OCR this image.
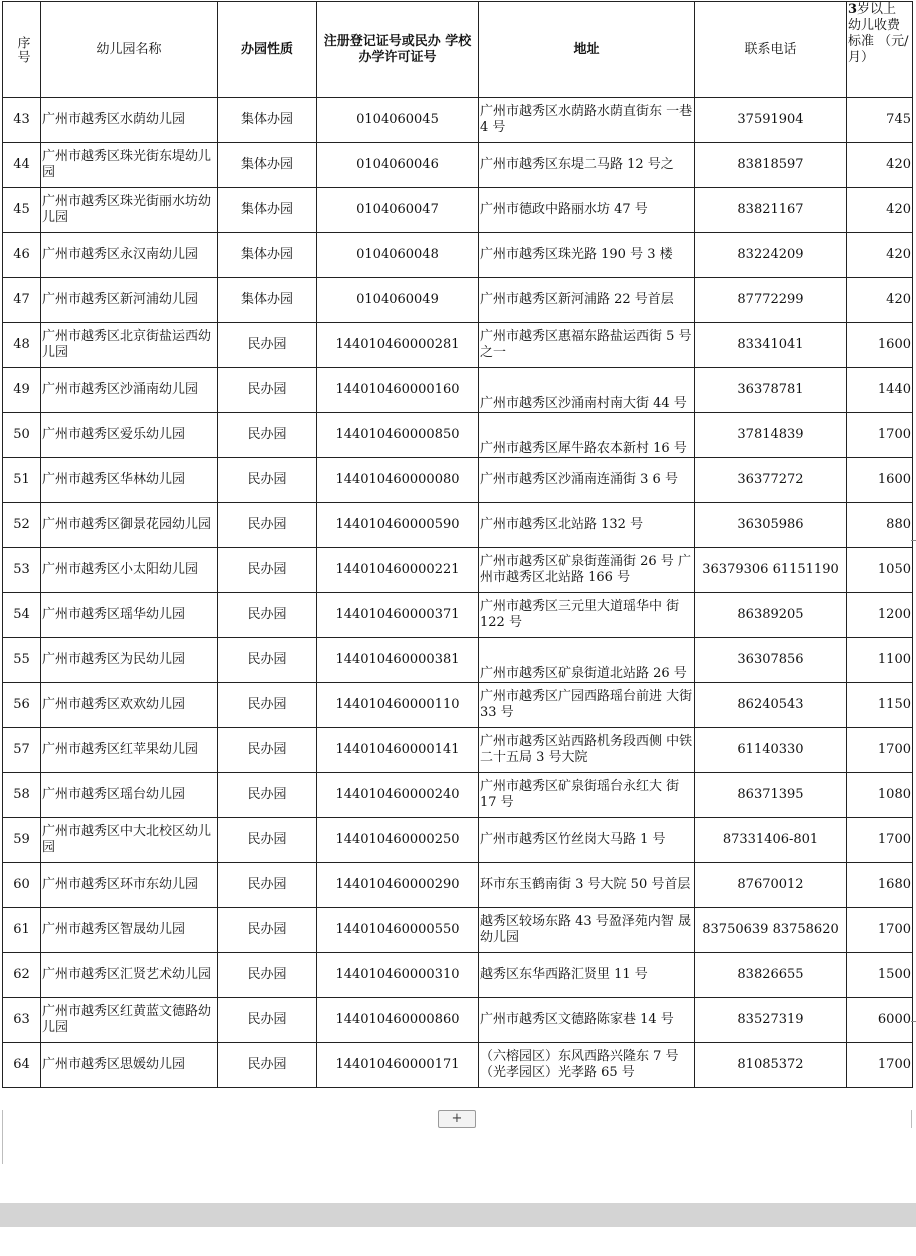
序号	幼儿园名称	办园性质	注册登记证号或民办 学校办学许可证号	地址	联系电话	3岁以上 幼儿收费 标准 （元/月）
43	广州市越秀区水荫幼儿园	集体办园	0104060045	广州市越秀区水荫路水荫直街东 一巷 4 号	37591904	745
44	广州市越秀区珠光街东堤幼儿园	集体办园	0104060046	广州市越秀区东堤二马路 12 号之	83818597	420
45	广州市越秀区珠光街丽水坊幼儿园	集体办园	0104060047	广州市德政中路丽水坊 47 号	83821167	420
46	广州市越秀区永汉南幼儿园	集体办园	0104060048	广州市越秀区珠光路 190 号 3 楼	83224209	420
47	广州市越秀区新河浦幼儿园	集体办园	0104060049	广州市越秀区新河浦路 22 号首层	87772299	420
48	广州市越秀区北京街盐运西幼儿园	民办园	144010460000281	广州市越秀区惠福东路盐运西街 5 号之一	83341041	1600
49	广州市越秀区沙涌南幼儿园	民办园	144010460000160	广州市越秀区沙涌南村南大街 44 号	36378781	1440
50	广州市越秀区爱乐幼儿园	民办园	144010460000850	广州市越秀区犀牛路农本新村 16 号	37814839	1700
51	广州市越秀区华林幼儿园	民办园	144010460000080	广州市越秀区沙涌南连涌街 3 6 号	36377272	1600
52	广州市越秀区御景花园幼儿园	民办园	144010460000590	广州市越秀区北站路 132 号	36305986	880
53	广州市越秀区小太阳幼儿园	民办园	144010460000221	广州市越秀区矿泉街莲涌街 26 号 广州市越秀区北站路 166 号	36379306 61151190	1050
54	广州市越秀区瑶华幼儿园	民办园	144010460000371	广州市越秀区三元里大道瑶华中 街 122 号	86389205	1200
55	广州市越秀区为民幼儿园	民办园	144010460000381	广州市越秀区矿泉街道北站路 26 号	36307856	1100
56	广州市越秀区欢欢幼儿园	民办园	144010460000110	广州市越秀区广园西路瑶台前进 大街 33 号	86240543	1150
57	广州市越秀区红苹果幼儿园	民办园	144010460000141	广州市越秀区站西路机务段西侧 中铁二十五局 3 号大院	61140330	1700
58	广州市越秀区瑶台幼儿园	民办园	144010460000240	广州市越秀区矿泉街瑶台永红大 街 17 号	86371395	1080
59	广州市越秀区中大北校区幼儿园	民办园	144010460000250	广州市越秀区竹丝岗大马路 1 号	87331406-801	1700
60	广州市越秀区环市东幼儿园	民办园	144010460000290	环市东玉鹤南街 3 号大院 50 号首层	87670012	1680
61	广州市越秀区智晟幼儿园	民办园	144010460000550	越秀区较场东路 43 号盈泽苑内智 晟幼儿园	83750639 83758620	1700
62	广州市越秀区汇贤艺术幼儿园	民办园	144010460000310	越秀区东华西路汇贤里 11 号	83826655	1500
63	广州市越秀区红黄蓝文德路幼儿园	民办园	144010460000860	广州市越秀区文德路陈家巷 14 号	83527319	6000
64	广州市越秀区思媛幼儿园	民办园	144010460000171	（六榕园区）东风西路兴隆东 7 号 （光孝园区）光孝路 65 号	81085372	1700
+
